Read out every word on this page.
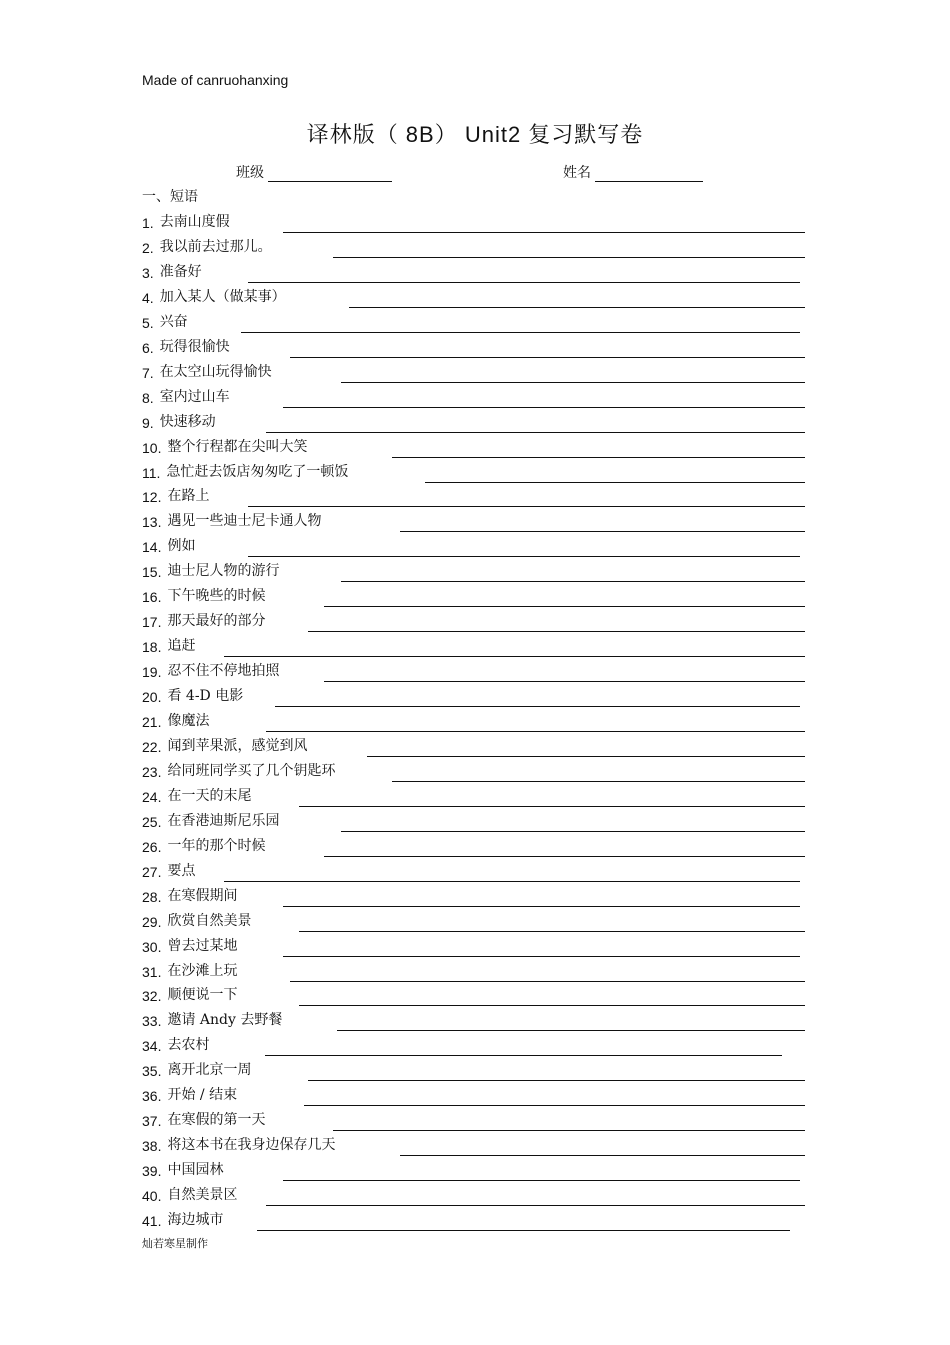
Made of canruohanxing
译林版（ 8B） Unit2 复习默写卷
班级	姓名
一、短语
1. 去南山度假
2. 我以前去过那儿。
3. 准备好
4. 加入某人（做某事）
5. 兴奋
6. 玩得很愉快
7. 在太空山玩得愉快
8. 室内过山车
9. 快速移动
10. 整个行程都在尖叫大笑
11. 急忙赶去饭店匆匆吃了一顿饭
12. 在路上
13. 遇见一些迪士尼卡通人物
14. 例如
15. 迪士尼人物的游行
16. 下午晚些的时候
17. 那天最好的部分
18. 追赶
19. 忍不住不停地拍照
20. 看 4-D 电影
21. 像魔法
22. 闻到苹果派，感觉到风
23. 给同班同学买了几个钥匙环
24. 在一天的末尾
25. 在香港迪斯尼乐园
26. 一年的那个时候
27. 要点
28. 在寒假期间
29. 欣赏自然美景
30. 曾去过某地
31. 在沙滩上玩
32. 顺便说一下
33. 邀请 Andy 去野餐
34. 去农村
35. 离开北京一周
36. 开始 / 结束
37. 在寒假的第一天
38. 将这本书在我身边保存几天
39. 中国园林
40. 自然美景区
41. 海边城市
灿若寒星制作
